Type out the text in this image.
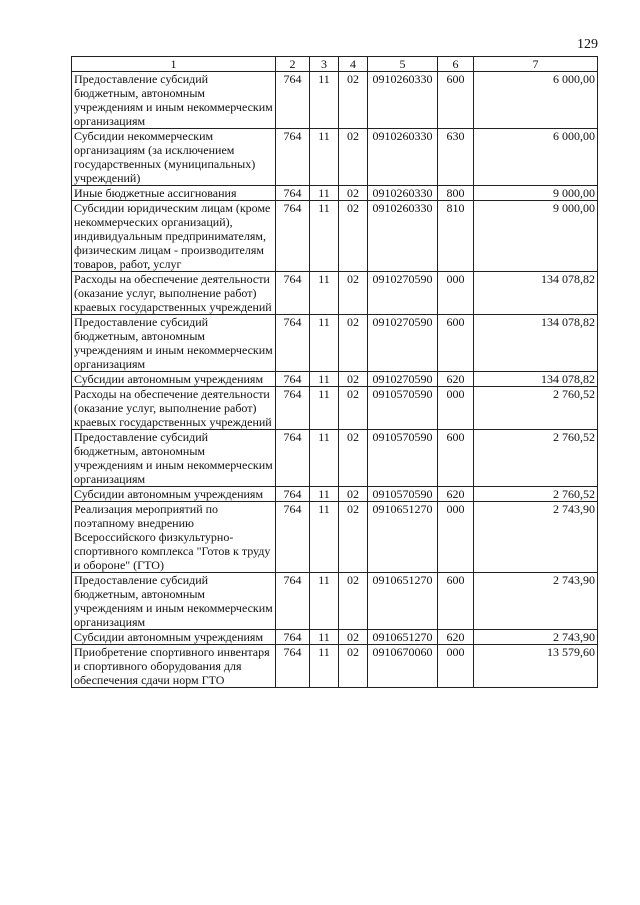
129
1	2	3	4	5	6	7
Предоставление субсидий бюджетным, автономным учреждениям и иным некоммерческим организациям	764	11	02	0910260330	600	6 000,00
Субсидии некоммерческим организациям (за исключением государственных (муниципальных) учреждений)	764	11	02	0910260330	630	6 000,00
Иные бюджетные ассигнования	764	11	02	0910260330	800	9 000,00
Субсидии юридическим лицам (кроме некоммерческих организаций), индивидуальным предпринимателям, физическим лицам - производителям товаров, работ, услуг	764	11	02	0910260330	810	9 000,00
Расходы на обеспечение деятельности (оказание услуг, выполнение работ) краевых государственных учреждений	764	11	02	0910270590	000	134 078,82
Предоставление субсидий бюджетным, автономным учреждениям и иным некоммерческим организациям	764	11	02	0910270590	600	134 078,82
Субсидии автономным учреждениям	764	11	02	0910270590	620	134 078,82
Расходы на обеспечение деятельности (оказание услуг, выполнение работ) краевых государственных учреждений	764	11	02	0910570590	000	2 760,52
Предоставление субсидий бюджетным, автономным учреждениям и иным некоммерческим организациям	764	11	02	0910570590	600	2 760,52
Субсидии автономным учреждениям	764	11	02	0910570590	620	2 760,52
Реализация мероприятий по поэтапному внедрению Всероссийского физкультурно-спортивного комплекса "Готов к труду и обороне" (ГТО)	764	11	02	0910651270	000	2 743,90
Предоставление субсидий бюджетным, автономным учреждениям и иным некоммерческим организациям	764	11	02	0910651270	600	2 743,90
Субсидии автономным учреждениям	764	11	02	0910651270	620	2 743,90
Приобретение спортивного инвентаря и спортивного оборудования для обеспечения сдачи норм ГТО	764	11	02	0910670060	000	13 579,60
